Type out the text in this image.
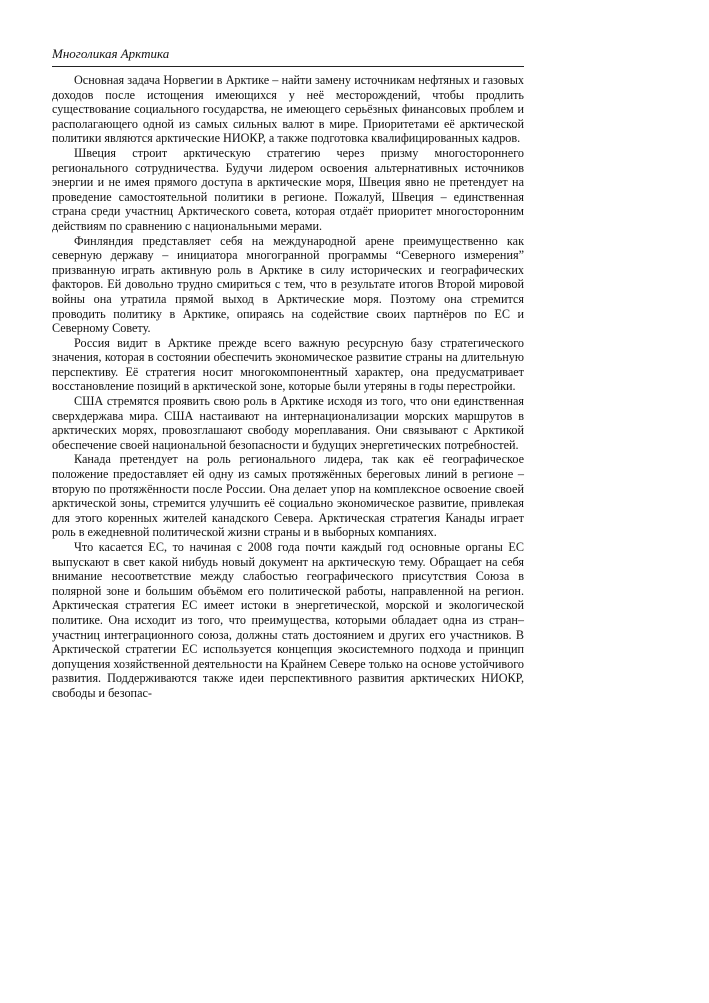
Многоликая Арктика

Основная задача Норвегии в Арктике – найти замену источникам нефтяных и газовых доходов после истощения имеющихся у неё месторождений, чтобы продлить существование социального государства, не имеющего серьёзных финансовых проблем и располагающего одной из самых сильных валют в мире. Приоритетами её арктической политики являются арктические НИОКР, а также подготовка квалифицированных кадров.

Швеция строит арктическую стратегию через призму многостороннего регионального сотрудничества. Будучи лидером освоения альтернативных источников энергии и не имея прямого доступа в арктические моря, Швеция явно не претендует на проведение самостоятельной политики в регионе. Пожалуй, Швеция – единственная страна среди участниц Арктического совета, которая отдаёт приоритет многосторонним действиям по сравнению с национальными мерами.

Финляндия представляет себя на международной арене преимущественно как северную державу – инициатора многогранной программы “Северного измерения” призванную играть активную роль в Арктике в силу исторических и географических факторов. Ей довольно трудно смириться с тем, что в результате итогов Второй мировой войны она утратила прямой выход в Арктические моря. Поэтому она стремится проводить политику в Арктике, опираясь на содействие своих партнёров по ЕС и Северному Совету.

Россия видит в Арктике прежде всего важную ресурсную базу стратегического значения, которая в состоянии обеспечить экономическое развитие страны на длительную перспективу. Её стратегия носит многокомпонентный характер, она предусматривает восстановление позиций в арктической зоне, которые были утеряны в годы перестройки.

США стремятся проявить свою роль в Арктике исходя из того, что они единственная сверхдержава мира. США настаивают на интернационализации морских маршрутов в арктических морях, провозглашают свободу мореплавания. Они связывают с Арктикой обеспечение своей национальной безопасности и будущих энергетических потребностей.

Канада претендует на роль регионального лидера, так как её географическое положение предоставляет ей одну из самых протяжённых береговых линий в регионе – вторую по протяжённости после России. Она делает упор на комплексное освоение своей арктической зоны, стремится улучшить её социально экономическое развитие, привлекая для этого коренных жителей канадского Севера. Арктическая стратегия Канады играет роль в ежедневной политической жизни страны и в выборных компаниях.

Что касается ЕС, то начиная с 2008 года почти каждый год основные органы ЕС выпускают в свет какой нибудь новый документ на арктическую тему. Обращает на себя внимание несоответствие между слабостью географического присутствия Союза в полярной зоне и большим объёмом его политической работы, направленной на регион. Арктическая стратегия ЕС имеет истоки в энергетической, морской и экологической политике. Она исходит из того, что преимущества, которыми обладает одна из стран–участниц интеграционного союза, должны стать достоянием и других его участников. В Арктической стратегии ЕС используется концепция экосистемного подхода и принцип допущения хозяйственной деятельности на Крайнем Севере только на основе устойчивого развития. Поддерживаются также идеи перспективного развития арктических НИОКР, свободы и безопас-
